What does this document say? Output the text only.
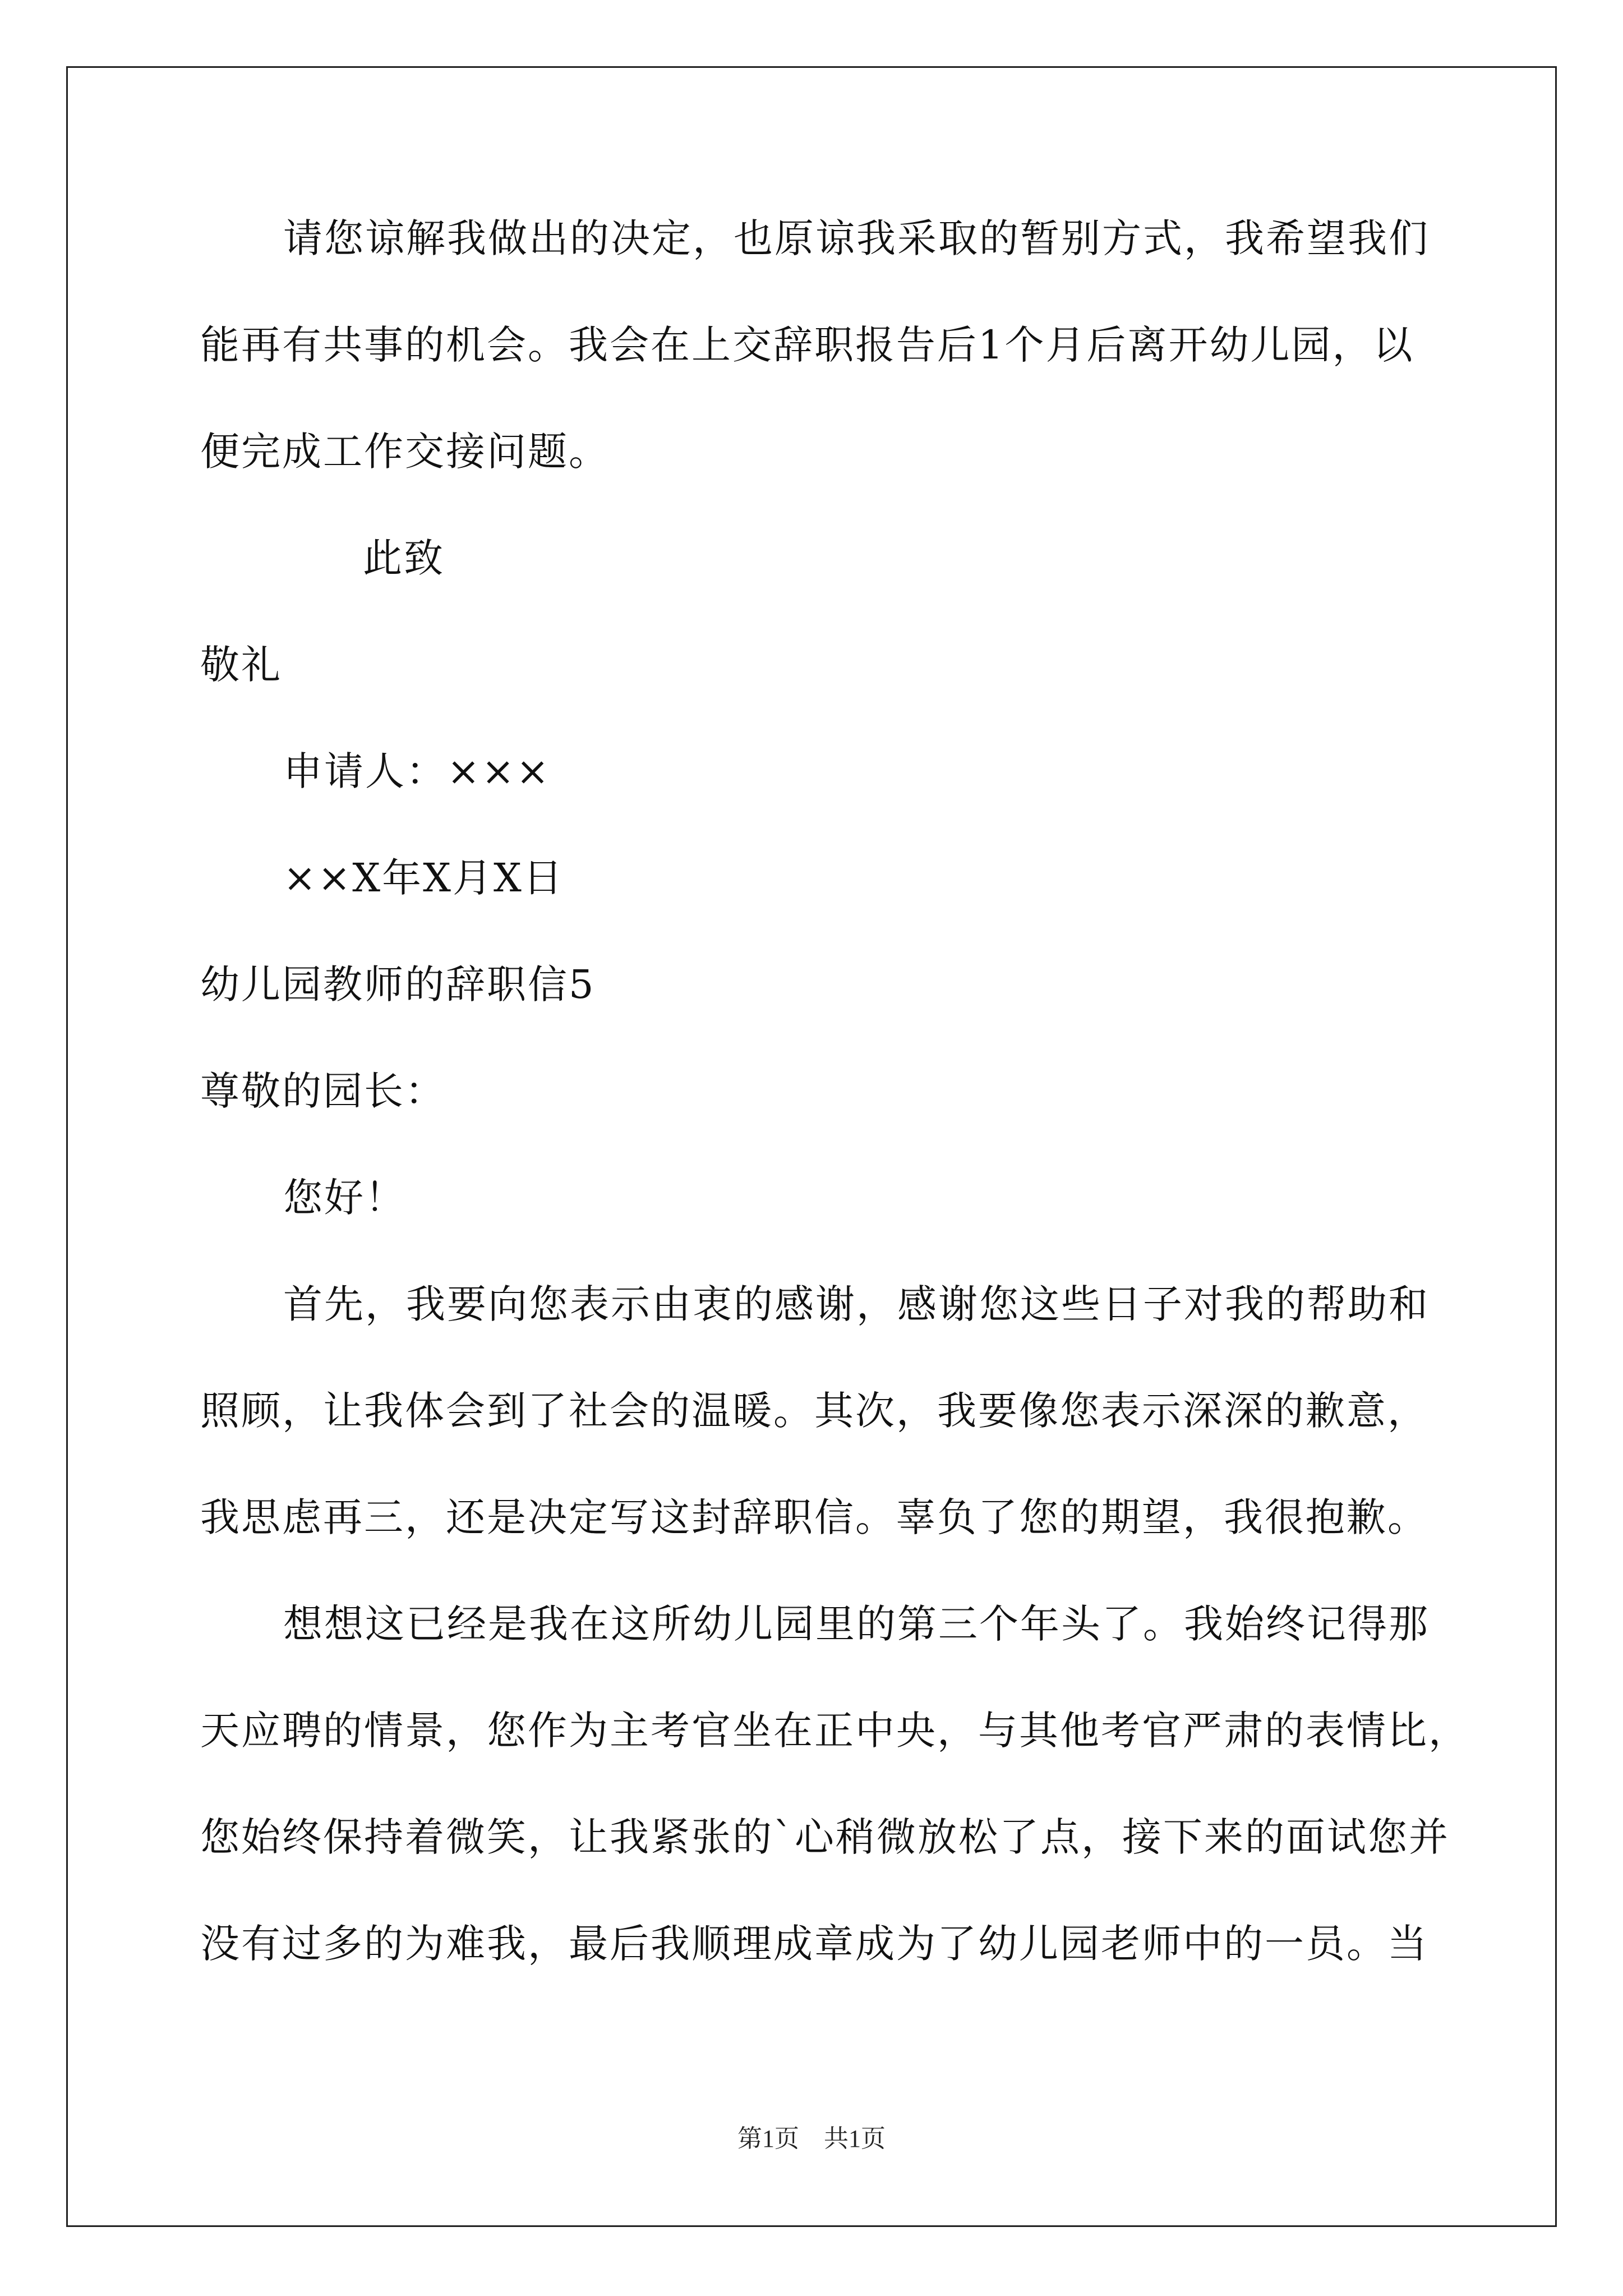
请您谅解我做出的决定，也原谅我采取的暂别方式，我希望我们
能再有共事的机会。我会在上交辞职报告后1个月后离开幼儿园，以
便完成工作交接问题。
此致
敬礼
申请人：×××
××X年X月X日
幼儿园教师的辞职信5
尊敬的园长：
您好！
首先，我要向您表示由衷的感谢，感谢您这些日子对我的帮助和
照顾，让我体会到了社会的温暖。其次，我要像您表示深深的歉意，
我思虑再三，还是决定写这封辞职信。辜负了您的期望，我很抱歉。
想想这已经是我在这所幼儿园里的第三个年头了。我始终记得那
天应聘的情景，您作为主考官坐在正中央，与其他考官严肃的表情比，
您始终保持着微笑，让我紧张的`心稍微放松了点，接下来的面试您并
没有过多的为难我，最后我顺理成章成为了幼儿园老师中的一员。当
第1页　共1页
